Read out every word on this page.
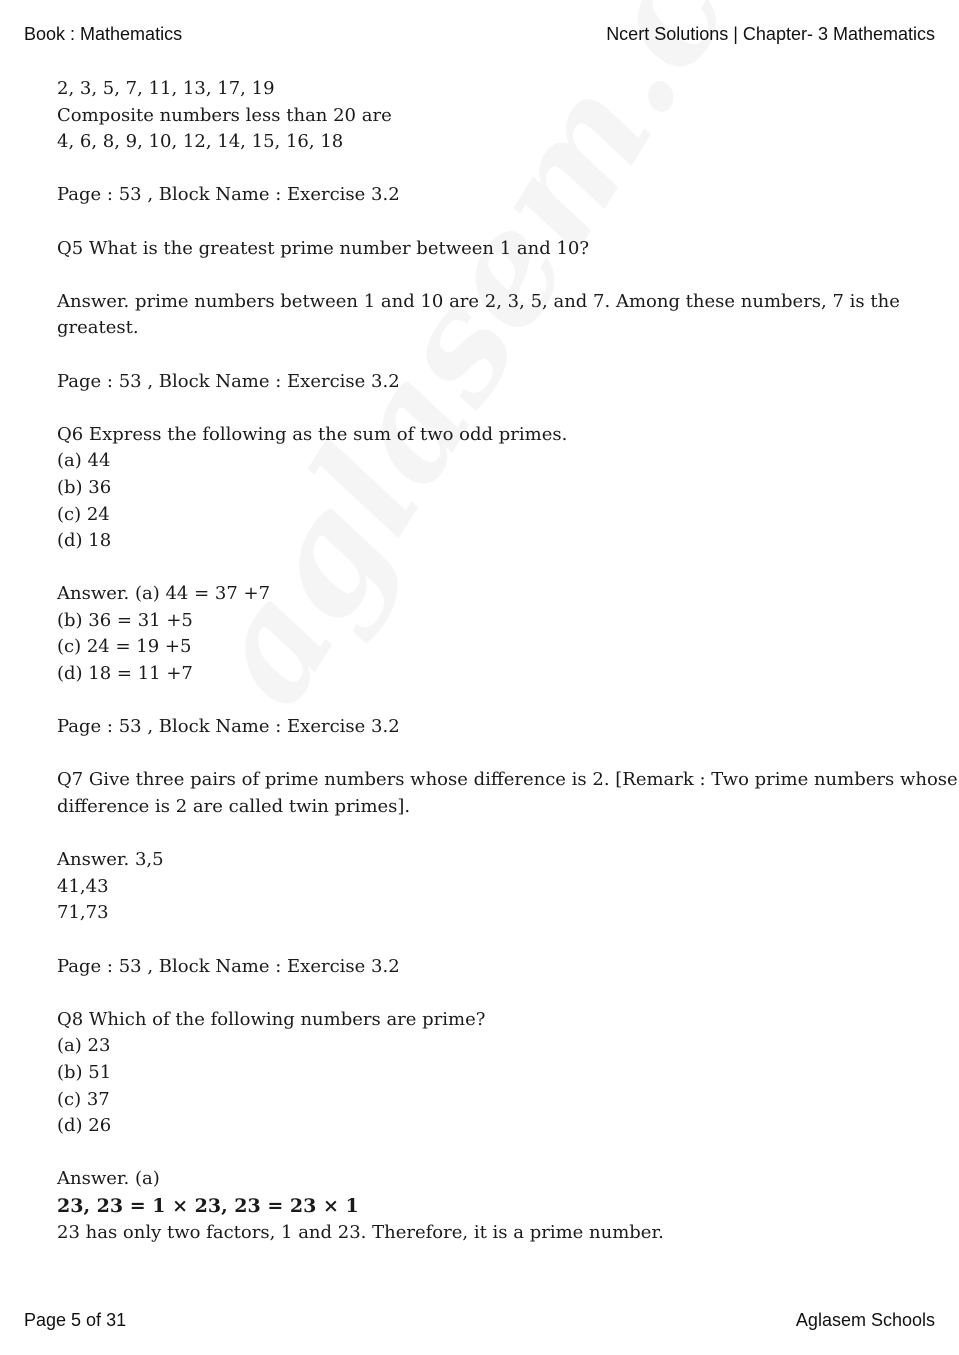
Book : Mathematics	Ncert Solutions | Chapter- 3 Mathematics
2, 3, 5, 7, 11, 13, 17, 19
Composite numbers less than 20 are
4, 6, 8, 9, 10, 12, 14, 15, 16, 18
Page : 53 , Block Name : Exercise 3.2
Q5 What is the greatest prime number between 1 and 10?
Answer. prime numbers between 1 and 10 are 2, 3, 5, and 7. Among these numbers, 7 is the
greatest.
Page : 53 , Block Name : Exercise 3.2
Q6 Express the following as the sum of two odd primes.
(a) 44
(b) 36
(c) 24
(d) 18
Answer. (a) 44 = 37 +7
(b) 36 = 31 +5
(c) 24 = 19 +5
(d) 18 = 11 +7
Page : 53 , Block Name : Exercise 3.2
Q7 Give three pairs of prime numbers whose difference is 2. [Remark : Two prime numbers whose
difference is 2 are called twin primes].
Answer. 3,5
41,43
71,73
Page : 53 , Block Name : Exercise 3.2
Q8 Which of the following numbers are prime?
(a) 23
(b) 51
(c) 37
(d) 26
Answer. (a)
23, 23 = 1 × 23, 23 = 23 × 1
23 has only two factors, 1 and 23. Therefore, it is a prime number.
Page 5 of 31	Aglasem Schools
